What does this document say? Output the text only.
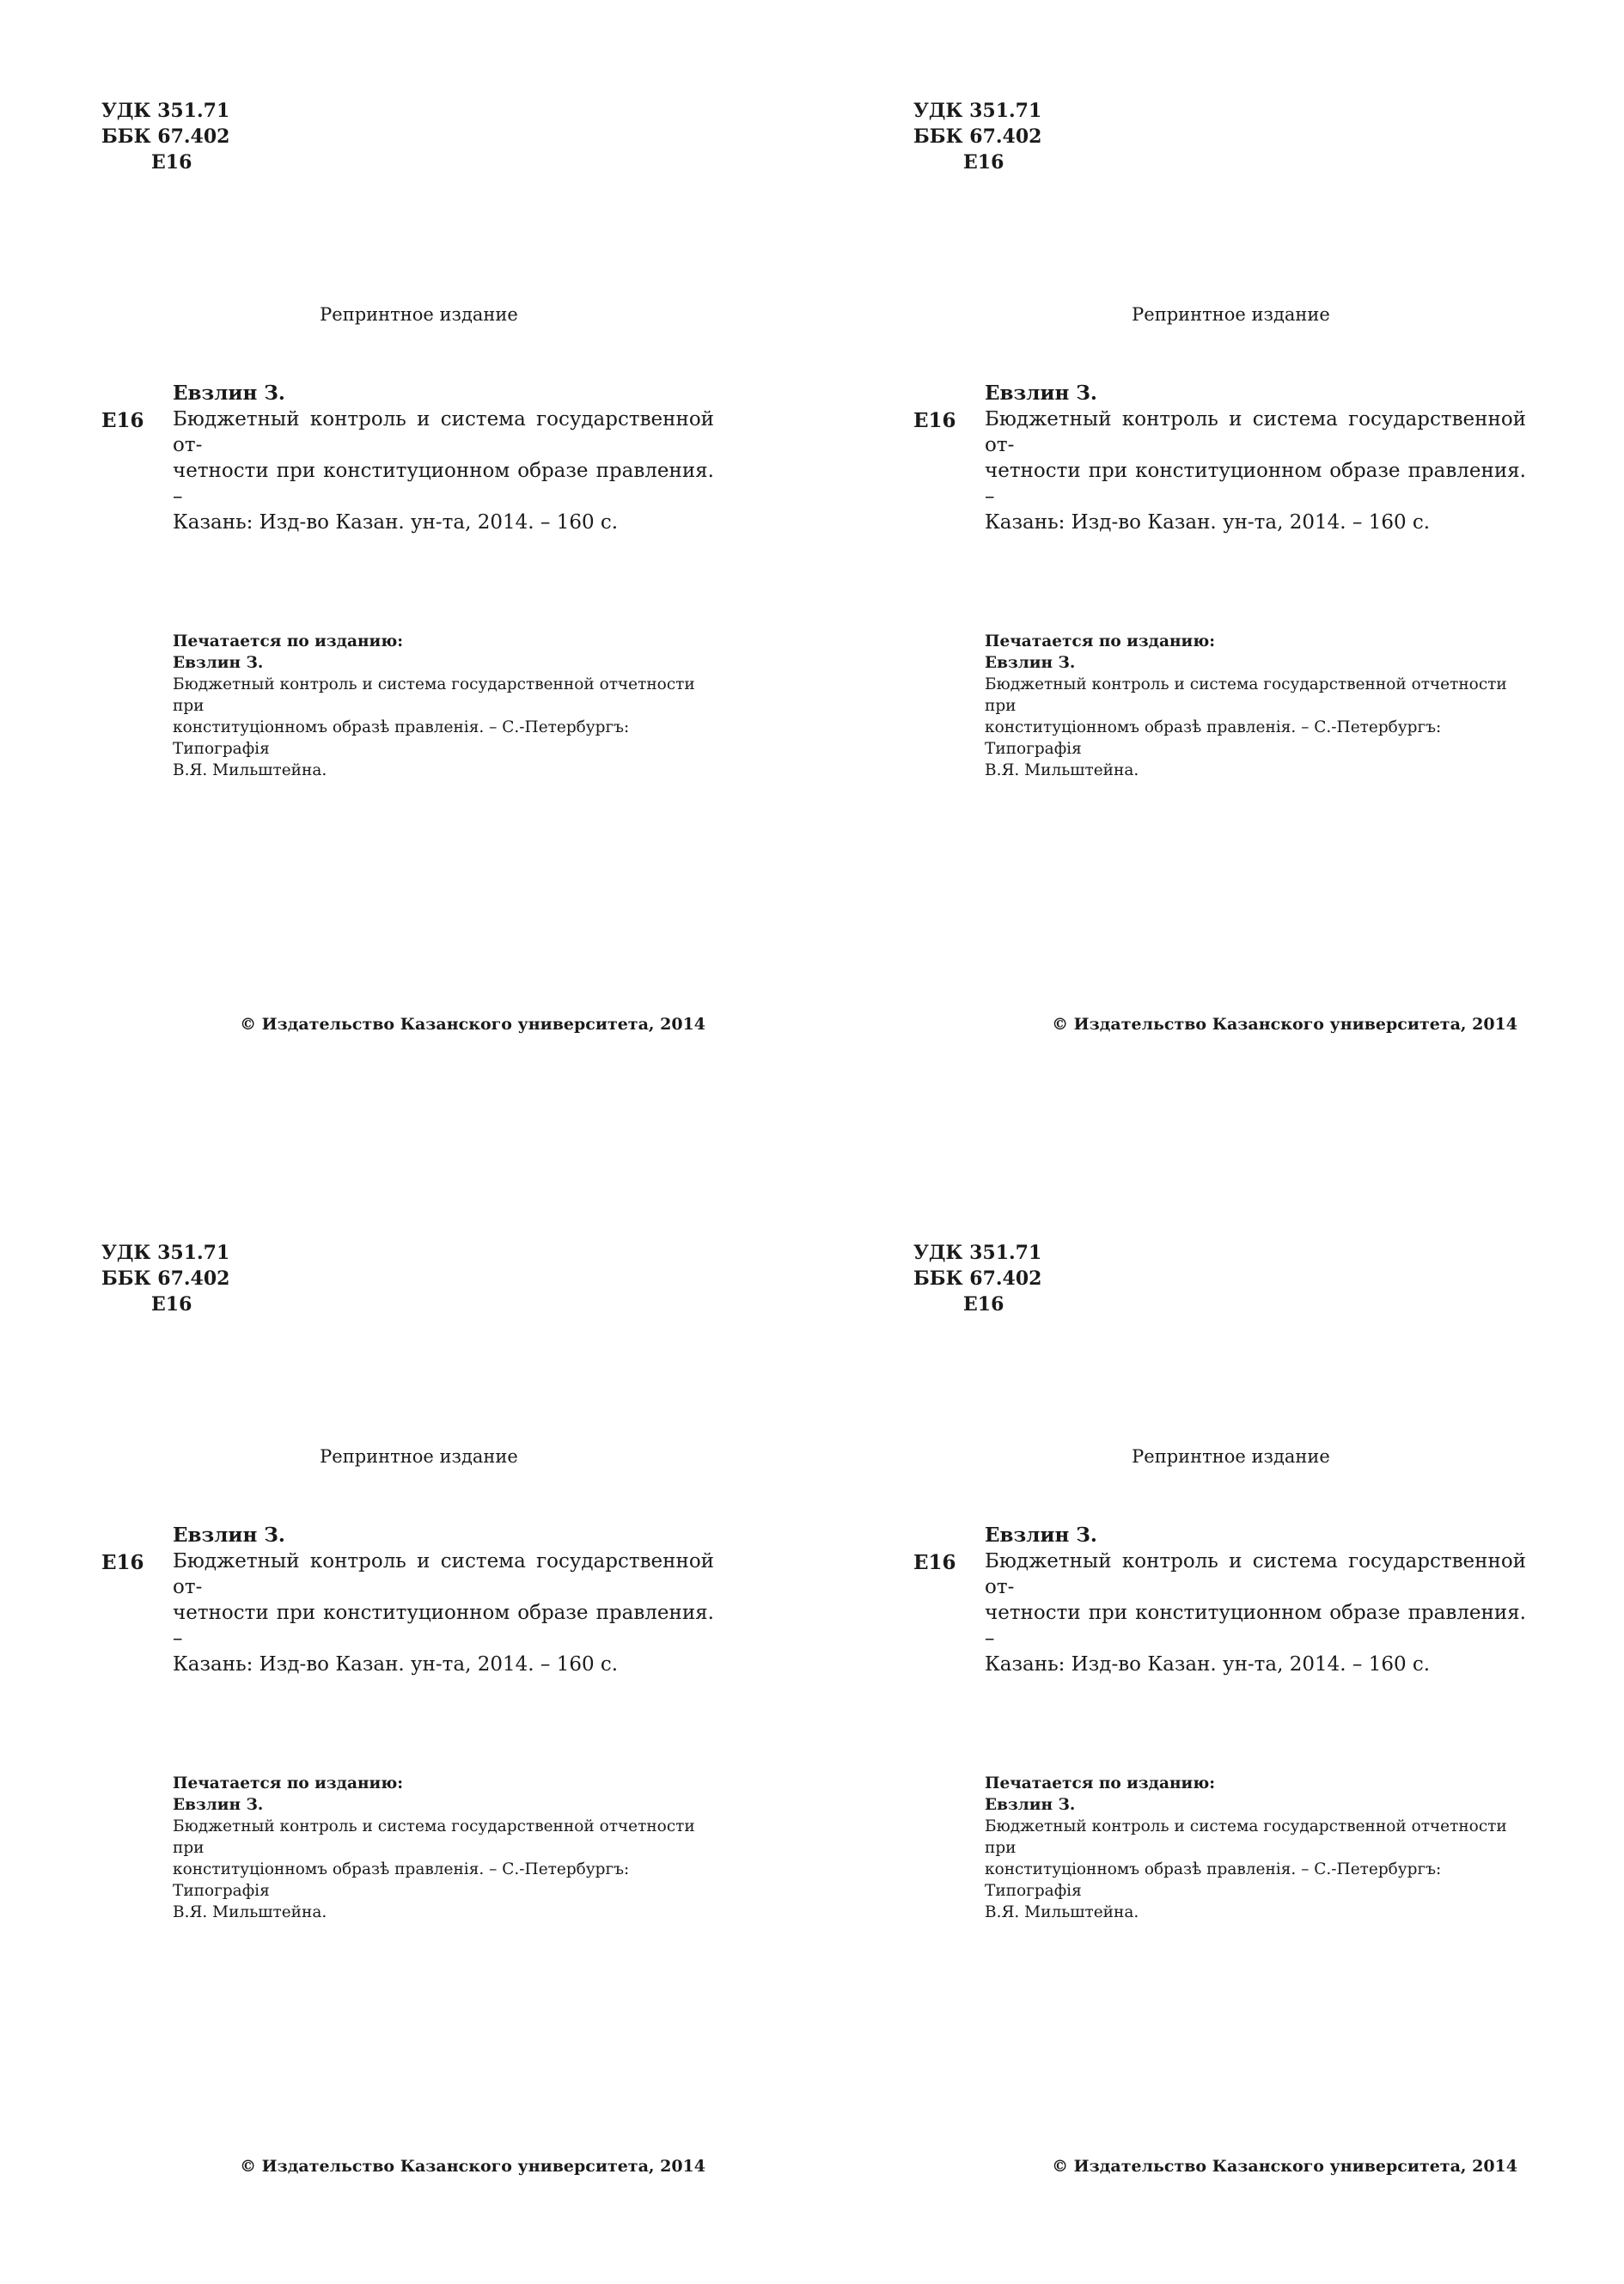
УДК 351.71
ББК 67.402
Е16
Репринтное издание
Е16
Евзлин З.
Бюджетный контроль и система государственной от-
четности при конституционном образе правления. –
Казань: Изд-во Казан. ун-та, 2014. – 160 с.
Печатается по изданию:
Евзлин З.
Бюджетный контроль и система государственной отчетности при
конституціонномъ образѣ правленія. – С.-Петербургъ: Типографія
В.Я. Мильштейна.
© Издательство Казанского университета, 2014
УДК 351.71
ББК 67.402
Е16
Репринтное издание
Е16
Евзлин З.
Бюджетный контроль и система государственной от-
четности при конституционном образе правления. –
Казань: Изд-во Казан. ун-та, 2014. – 160 с.
Печатается по изданию:
Евзлин З.
Бюджетный контроль и система государственной отчетности при
конституціонномъ образѣ правленія. – С.-Петербургъ: Типографія
В.Я. Мильштейна.
© Издательство Казанского университета, 2014
УДК 351.71
ББК 67.402
Е16
Репринтное издание
Е16
Евзлин З.
Бюджетный контроль и система государственной от-
четности при конституционном образе правления. –
Казань: Изд-во Казан. ун-та, 2014. – 160 с.
Печатается по изданию:
Евзлин З.
Бюджетный контроль и система государственной отчетности при
конституціонномъ образѣ правленія. – С.-Петербургъ: Типографія
В.Я. Мильштейна.
© Издательство Казанского университета, 2014
УДК 351.71
ББК 67.402
Е16
Репринтное издание
Е16
Евзлин З.
Бюджетный контроль и система государственной от-
четности при конституционном образе правления. –
Казань: Изд-во Казан. ун-та, 2014. – 160 с.
Печатается по изданию:
Евзлин З.
Бюджетный контроль и система государственной отчетности при
конституціонномъ образѣ правленія. – С.-Петербургъ: Типографія
В.Я. Мильштейна.
© Издательство Казанского университета, 2014
